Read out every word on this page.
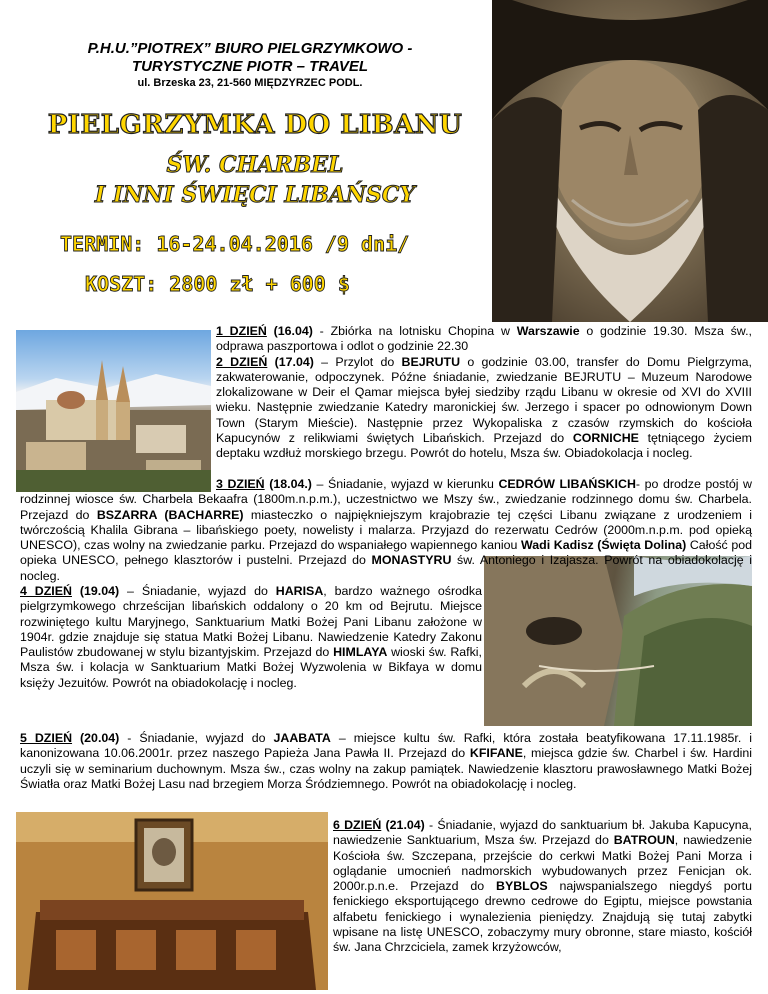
P.H.U.”PIOTREX” BIURO PIELGRZYMKOWO -
TURYSTYCZNE PIOTR – TRAVEL
ul. Brzeska 23, 21-560 MIĘDZYRZEC PODL.
PIELGRZYMKA DO LIBANU
ŚW. CHARBEL
I INNI ŚWIĘCI LIBAŃSCY
TERMIN: 16-24.04.2016 /9 dni/
KOSZT: 2800 zł + 600 $

1 DZIEŃ (16.04) - Zbiórka na lotnisku Chopina w Warszawie o godzinie 19.30. Msza św., odprawa paszportowa i odlot o godzinie 22.30

2 DZIEŃ (17.04) – Przylot do BEJRUTU o godzinie 03.00, transfer do Domu Pielgrzyma, zakwaterowanie, odpoczynek. Późne śniadanie, zwiedzanie BEJRUTU – Muzeum Narodowe zlokalizowane w Deir el Qamar miejsca byłej siedziby rządu Libanu w okresie od XVI do XVIII wieku. Następnie zwiedzanie Katedry maronickiej św. Jerzego i spacer po odnowionym Down Town (Starym Mieście). Następnie przez Wykopaliska z czasów rzymskich do kościoła Kapucynów z relikwiami świętych Libańskich. Przejazd do CORNICHE tętniącego życiem deptaku wzdłuż morskiego brzegu. Powrót do hotelu, Msza św. Obiadokolacja i nocleg.

3 DZIEŃ (18.04.) – Śniadanie, wyjazd w kierunku CEDRÓW LIBAŃSKICH- po drodze postój w rodzinnej wiosce św. Charbela Bekaafra (1800m.n.p.m.), uczestnictwo we Mszy św., zwiedzanie rodzinnego domu św. Charbela. Przejazd do BSZARRA (BACHARRE) miasteczko o najpiękniejszym krajobrazie tej części Libanu związane z urodzeniem i twórczością Khalila Gibrana – libańskiego poety, nowelisty i malarza. Przyjazd do rezerwatu Cedrów (2000m.n.p.m. pod opieką UNESCO), czas wolny na zwiedzanie parku. Przejazd do wspaniałego wapiennego kaniou Wadi Kadisz (Święta Dolina) Całość pod opieka UNESCO, pełnego klasztorów i pustelni. Przejazd do MONASTYRU św. Antoniego i Izajasza. Powrót na obiadokolację i nocleg.

4 DZIEŃ (19.04) – Śniadanie, wyjazd do HARISA, bardzo ważnego ośrodka pielgrzymkowego chrześcijan libańskich oddalony o 20 km od Bejrutu. Miejsce rozwiniętego kultu Maryjnego, Sanktuarium Matki Bożej Pani Libanu założone w 1904r. gdzie znajduje się statua Matki Bożej Libanu. Nawiedzenie Katedry Zakonu Paulistów zbudowanej w stylu bizantyjskim. Przejazd do HIMLAYA wioski św. Rafki, Msza św. i kolacja w Sanktuarium Matki Bożej Wyzwolenia w Bikfaya w domu księży Jezuitów. Powrót na obiadokolację i nocleg.

5 DZIEŃ (20.04) - Śniadanie, wyjazd do JAABATA – miejsce kultu św. Rafki, która została beatyfikowana 17.11.1985r. i kanonizowana 10.06.2001r. przez naszego Papieża Jana Pawła II. Przejazd do KFIFANE, miejsca gdzie św. Charbel i św. Hardini uczyli się w seminarium duchownym. Msza św., czas wolny na zakup pamiątek. Nawiedzenie klasztoru prawosławnego Matki Bożej Światła oraz Matki Bożej Lasu nad brzegiem Morza Śródziemnego. Powrót na obiadokolację i nocleg.

6 DZIEŃ (21.04) - Śniadanie, wyjazd do sanktuarium bł. Jakuba Kapucyna, nawiedzenie Sanktuarium, Msza św. Przejazd do BATROUN, nawiedzenie Kościoła św. Szczepana, przejście do cerkwi Matki Bożej Pani Morza i oglądanie umocnień nadmorskich wybudowanych przez Fenicjan ok. 2000r.p.n.e. Przejazd do BYBLOS najwspanialszego niegdyś portu fenickiego eksportującego drewno cedrowe do Egiptu, miejsce powstania alfabetu fenickiego i wynalezienia pieniędzy. Znajdują się tutaj zabytki wpisane na listę UNESCO, zobaczymy mury obronne, stare miasto, kościół św. Jana Chrzciciela, zamek krzyżowców,
